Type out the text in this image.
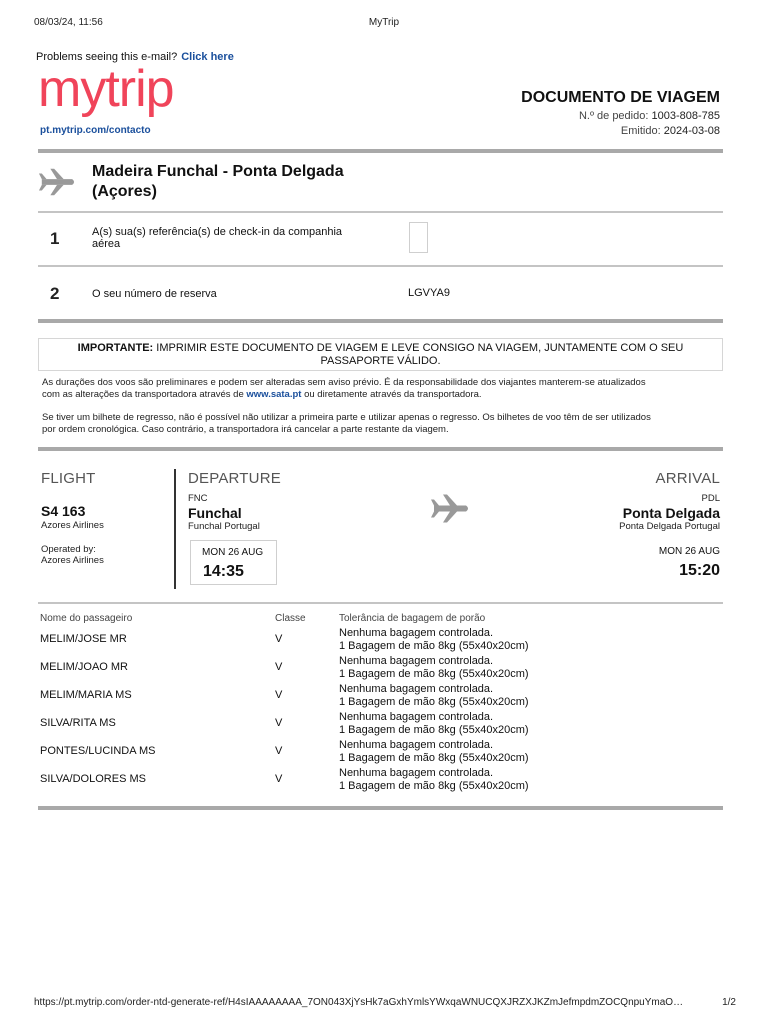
08/03/24, 11:56	MyTrip
Problems seeing this e-mail? Click here
mytrip
pt.mytrip.com/contacto
DOCUMENTO DE VIAGEM
N.º de pedido: 1003-808-785
Emitido: 2024-03-08
Madeira Funchal - Ponta Delgada
(Açores)
1	A(s) sua(s) referência(s) de check-in da companhia
aérea
2	O seu número de reserva	LGVYA9
IMPORTANTE: IMPRIMIR ESTE DOCUMENTO DE VIAGEM E LEVE CONSIGO NA VIAGEM, JUNTAMENTE COM O SEU
PASSAPORTE VÁLIDO.
As durações dos voos são preliminares e podem ser alteradas sem aviso prévio. É da responsabilidade dos viajantes manterem-se atualizados
com as alterações da transportadora através de www.sata.pt ou diretamente através da transportadora.
Se tiver um bilhete de regresso, não é possível não utilizar a primeira parte e utilizar apenas o regresso. Os bilhetes de voo têm de ser utilizados
por ordem cronológica. Caso contrário, a transportadora irá cancelar a parte restante da viagem.
FLIGHT	DEPARTURE	ARRIVAL
S4 163
Azores Airlines
Operated by:
Azores Airlines
FNC
Funchal
Funchal Portugal
MON 26 AUG
14:35
PDL
Ponta Delgada
Ponta Delgada Portugal
MON 26 AUG
15:20
Nome do passageiro	Classe	Tolerância de bagagem de porão
MELIM/JOSE MR	V	Nenhuma bagagem controlada.
1 Bagagem de mão 8kg (55x40x20cm)
MELIM/JOAO MR	V	Nenhuma bagagem controlada.
1 Bagagem de mão 8kg (55x40x20cm)
MELIM/MARIA MS	V	Nenhuma bagagem controlada.
1 Bagagem de mão 8kg (55x40x20cm)
SILVA/RITA MS	V	Nenhuma bagagem controlada.
1 Bagagem de mão 8kg (55x40x20cm)
PONTES/LUCINDA MS	V	Nenhuma bagagem controlada.
1 Bagagem de mão 8kg (55x40x20cm)
SILVA/DOLORES MS	V	Nenhuma bagagem controlada.
1 Bagagem de mão 8kg (55x40x20cm)
https://pt.mytrip.com/order-ntd-generate-ref/H4sIAAAAAAAA_7ON043XjYsHk7aGxhYmlsYWxqaWNUCQXJRZXJKZmJefmpdmZOCQnpuYmaO…	1/2
